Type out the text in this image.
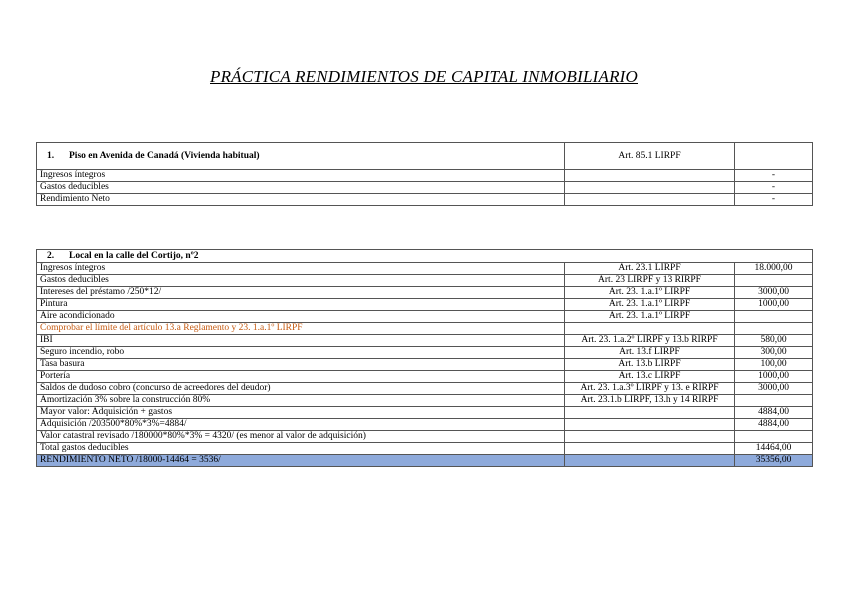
PRÁCTICA RENDIMIENTOS DE CAPITAL INMOBILIARIO
1. Piso en Avenida de Canadá (Vivienda habitual)	Art. 85.1 LIRPF	
Ingresos íntegros		-
Gastos deducibles		-
Rendimiento Neto		-
2. Local en la calle del Cortijo, nº2		
Ingresos íntegros	Art. 23.1 LIRPF	18.000,00
Gastos deducibles	Art. 23 LIRPF y 13 RIRPF	
Intereses del préstamo /250*12/	Art. 23. 1.a.1º LIRPF	3000,00
Pintura	Art. 23. 1.a.1º LIRPF	1000,00
Aire acondicionado	Art. 23. 1.a.1º LIRPF	
Comprobar el límite del artículo 13.a Reglamento y 23. 1.a.1º LIRPF		
IBI	Art. 23. 1.a.2º LIRPF y 13.b RIRPF	580,00
Seguro incendio, robo	Art. 13.f LIRPF	300,00
Tasa basura	Art. 13.b LIRPF	100,00
Portería	Art. 13.c LIRPF	1000,00
Saldos de dudoso cobro (concurso de acreedores del deudor)	Art. 23. 1.a.3º LIRPF y 13. e RIRPF	3000,00
Amortización 3% sobre la construcción 80%	Art. 23.1.b LIRPF, 13.h y 14 RIRPF	
Mayor valor: Adquisición + gastos		4884,00
Adquisición /203500*80%*3%=4884/		4884,00
Valor catastral revisado /180000*80%*3% = 4320/ (es menor al valor de adquisición)		
Total gastos deducibles		14464,00
RENDIMIENTO NETO /18000-14464 = 3536/		35356,00
